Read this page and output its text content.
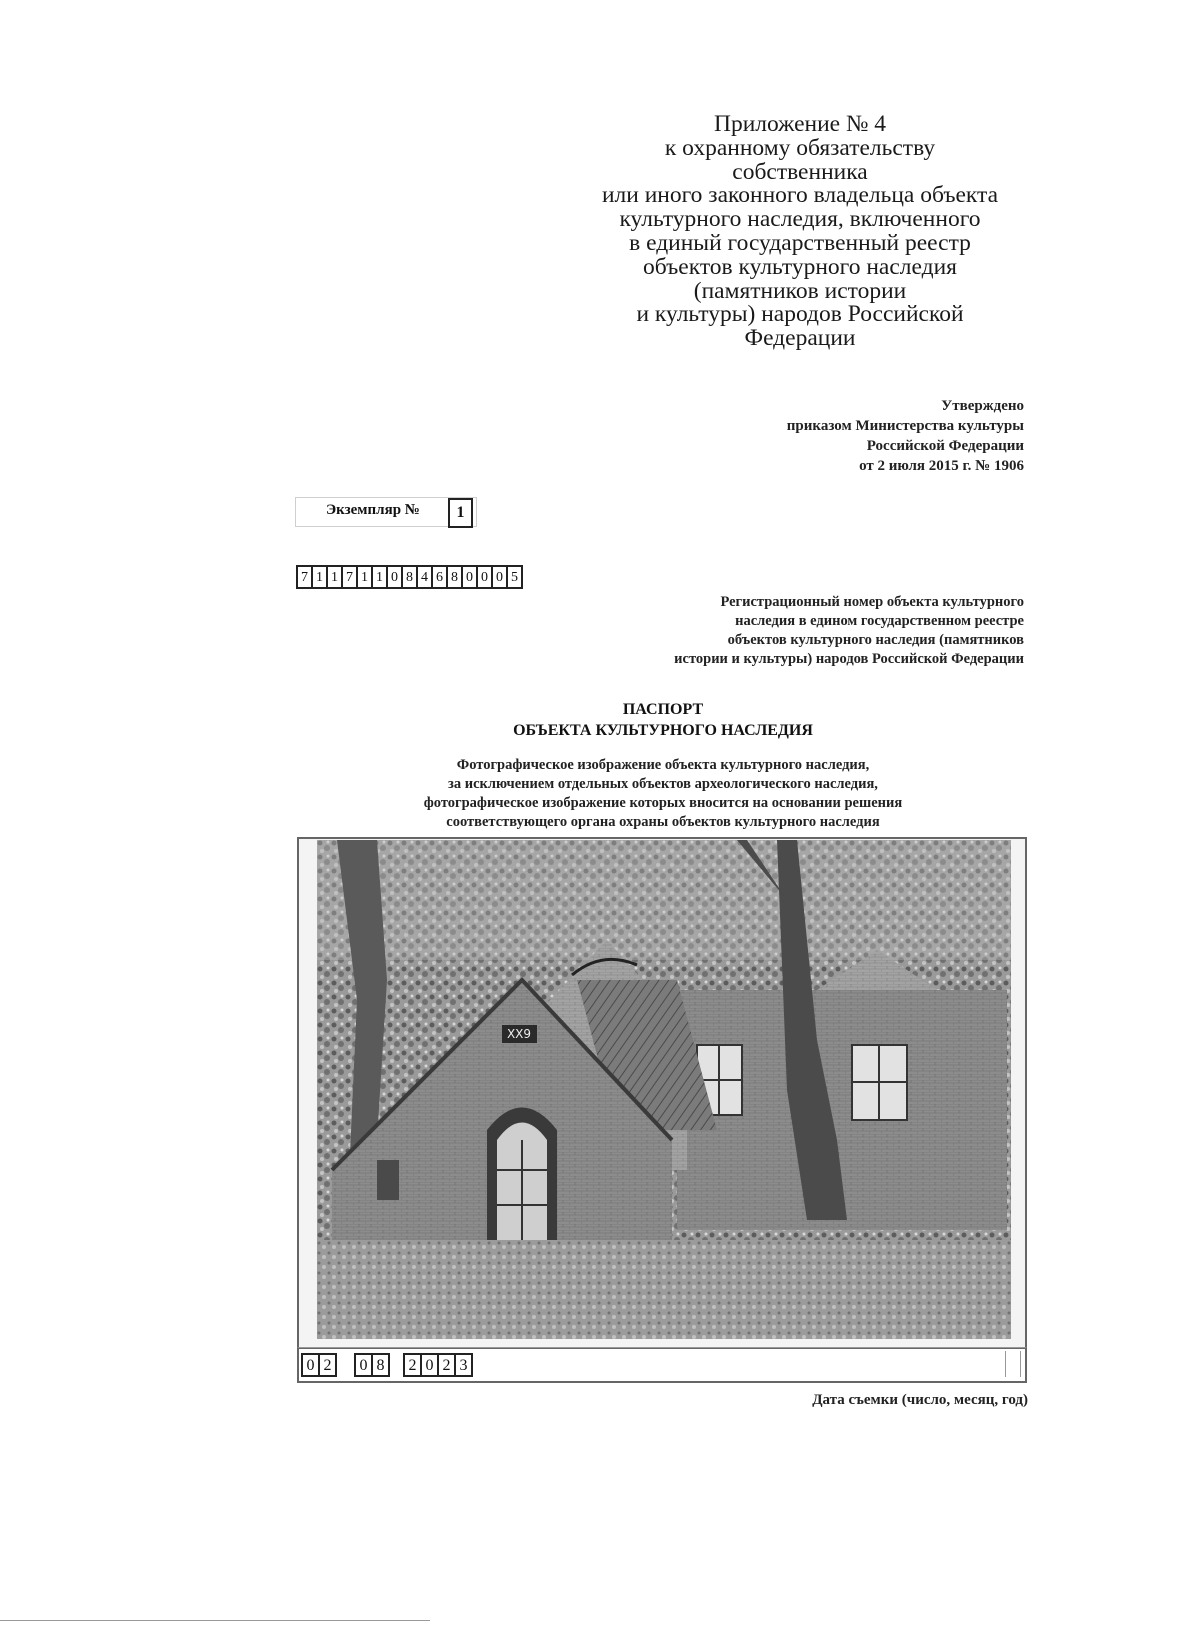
Приложение № 4
к охранному обязательству
собственника
или иного законного владельца объекта
культурного наследия, включенного
в единый государственный реестр
объектов культурного наследия
(памятников истории
и культуры) народов Российской
Федерации
Утверждено
приказом Министерства культуры
Российской Федерации
от 2 июля 2015 г. № 1906
Экземпляр №	1
7 1 1 7 1 1 0 8 4 6 8 0 0 0 5
Регистрационный номер объекта культурного
наследия в едином государственном реестре
объектов культурного наследия (памятников
истории и культуры) народов Российской Федерации
ПАСПОРТ
ОБЪЕКТА КУЛЬТУРНОГО НАСЛЕДИЯ
Фотографическое изображение объекта культурного наследия,
за исключением отдельных объектов археологического наследия,
фотографическое изображение которых вносится на основании решения
соответствующего органа охраны объектов культурного наследия
ХХ9
0 2	0 8	2 0 2 3
Дата съемки (число, месяц, год)
